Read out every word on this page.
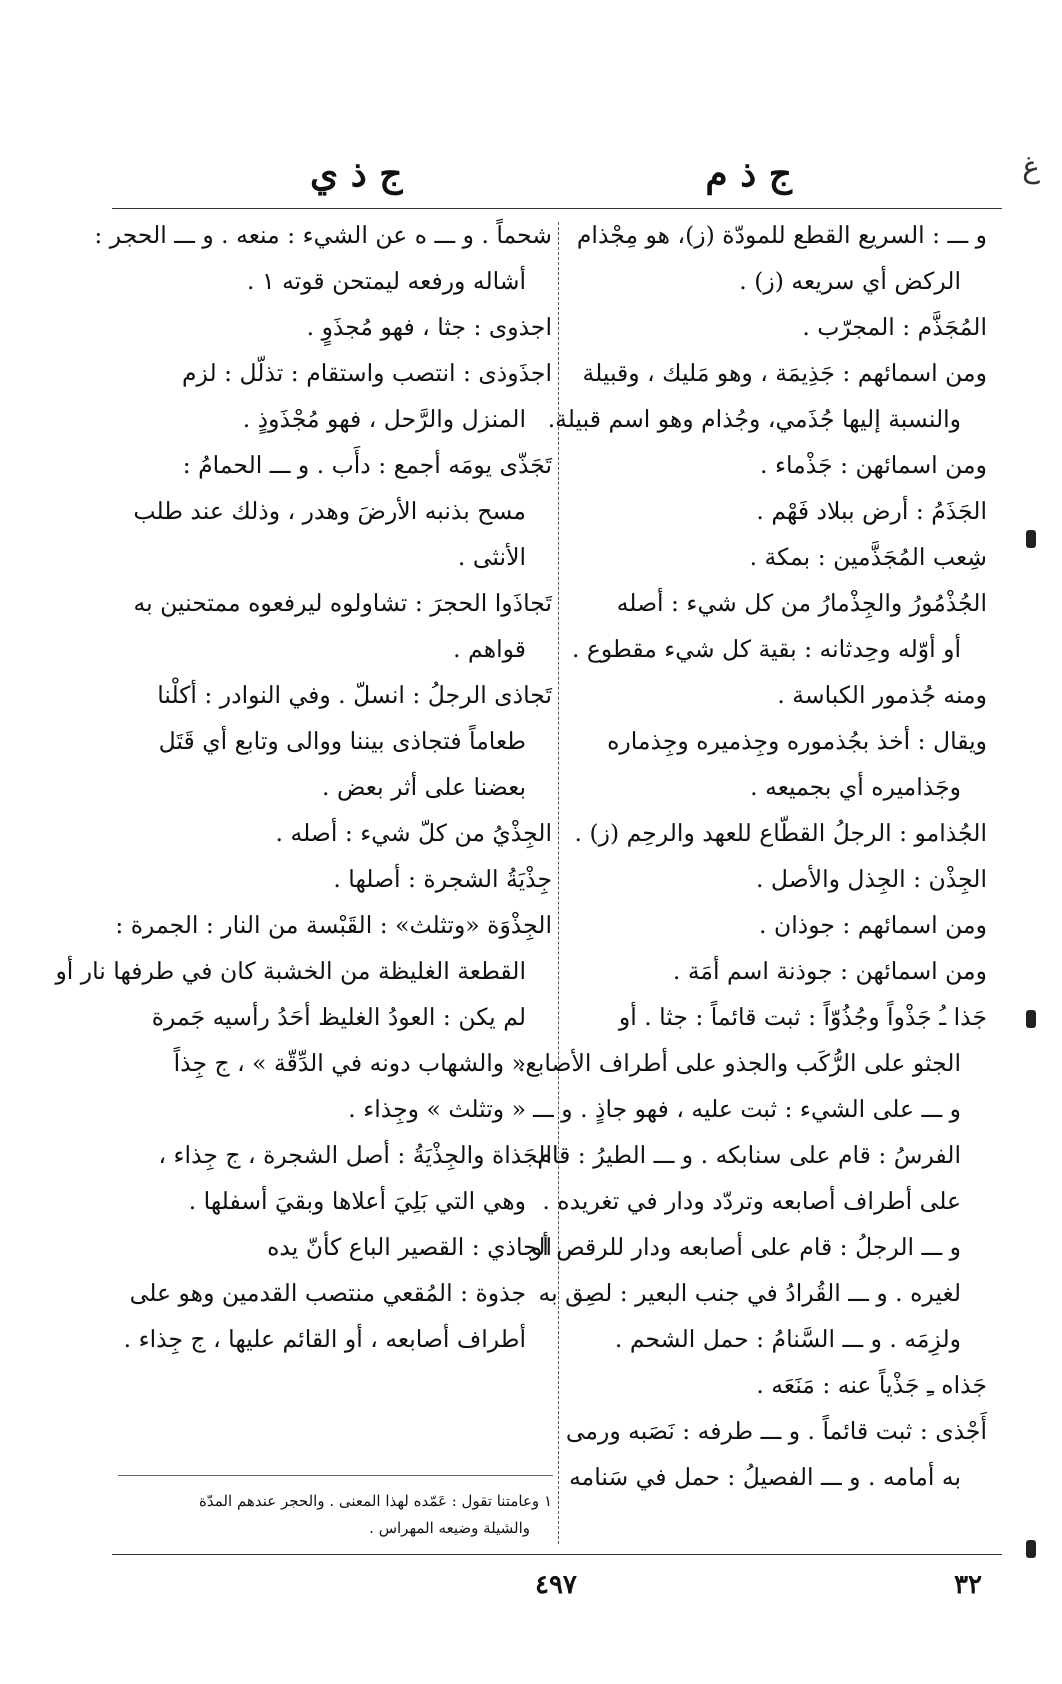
ﻍ
ج ذ م
ج ذ ي
و ـــ : السريع القطع للمودّة (ز)، هو مِجْذام
الركض أي سريعه (ز) .
المُجَذَّم : المجرّب .
ومن اسمائهم : جَذِيمَة ، وهو مَليك ، وقبيلة
والنسبة إليها جُذَمي، وجُذام وهو اسم قبيلة.
ومن اسمائهن : جَذْماء .
الجَذَمُ : أرض ببلاد فَهْم .
شِعب المُجَذَّمين : بمكة .
الجُذْمُورُ والجِذْمارُ من كل شيء : أصله
أو أوّله وحِدثانه : بقية كل شيء مقطوع .
ومنه جُذمور الكباسة .
ويقال : أخذ بجُذموره وجِذميره وجِذماره
وجَذاميره أي بجميعه .
الجُذامو : الرجلُ القطّاع للعهد والرحِم (ز) .
الجِذْن : الجِذل والأصل .
ومن اسمائهم : جوذان .
ومن اسمائهن : جوذنة اسم أمَة .
جَذا ـُ جَذْواً وجُذُوّاً : ثبت قائماً : جثا . أو
الجثو على الرُّكَب والجذو على أطراف الأصابع.
و ـــ على الشيء : ثبت عليه ، فهو جاذٍ . و ـــ
الفرسُ : قام على سنابكه . و ـــ الطيرُ : قام
على أطراف أصابعه وتردّد ودار في تغريده .
و ـــ الرجلُ : قام على أصابعه ودار للرقص أو
لغيره . و ـــ القُرادُ في جنب البعير : لصِق به
ولزِمَه . و ـــ السَّنامُ : حمل الشحم .
جَذاه ـِ جَذْياً عنه : مَنَعَه .
أَجْذى : ثبت قائماً . و ـــ طرفه : نَصَبه ورمى
به أمامه . و ـــ الفصيلُ : حمل في سَنامه
شحماً . و ـــ ه عن الشيء : منعه . و ـــ الحجر :
أشاله ورفعه ليمتحن قوته ١ .
اجذوى : جثا ، فهو مُجذَوٍ .
اجذَوذى : انتصب واستقام : تذلّل : لزم
المنزل والرَّحل ، فهو مُجْذَوذٍ .
تَجَذّى يومَه أجمع : دأَب . و ـــ الحمامُ :
مسح بذنبه الأرضَ وهدر ، وذلك عند طلب
الأنثى .
تَجاذَوا الحجرَ : تشاولوه ليرفعوه ممتحنين به
قواهم .
تَجاذى الرجلُ : انسلّ . وفي النوادر : أكلْنا
طعاماً فتجاذى بيننا ووالى وتابع أي قَتَل
بعضنا على أثر بعض .
الجِذْيُ من كلّ شيء : أصله .
جِذْيَةُ الشجرة : أصلها .
الجِذْوَة «وتثلث» : القَبْسة من النار : الجمرة :
القطعة الغليظة من الخشبة كان في طرفها نار أو
لم يكن : العودُ الغليظ أحَدُ رأسيه جَمرة
« والشهاب دونه في الدِّقّة » ، ج جِذاً
« وتثلث » وجِذاء .
الجَذاة والجِذْيَةُ : أصل الشجرة ، ج جِذاء ،
وهي التي بَلِيَ أعلاها وبقيَ أسفلها .
الجاذي : القصير الباع كأنّ يده
جذوة : المُقعي منتصب القدمين وهو على
أطراف أصابعه ، أو القائم عليها ، ج جِذاء .
١ وعامتنا تقول : عَمّده لهذا المعنى . والحجر عندهم المدّة
والشيلة وضيعه المهراس .
٤٩٧	٣٢
